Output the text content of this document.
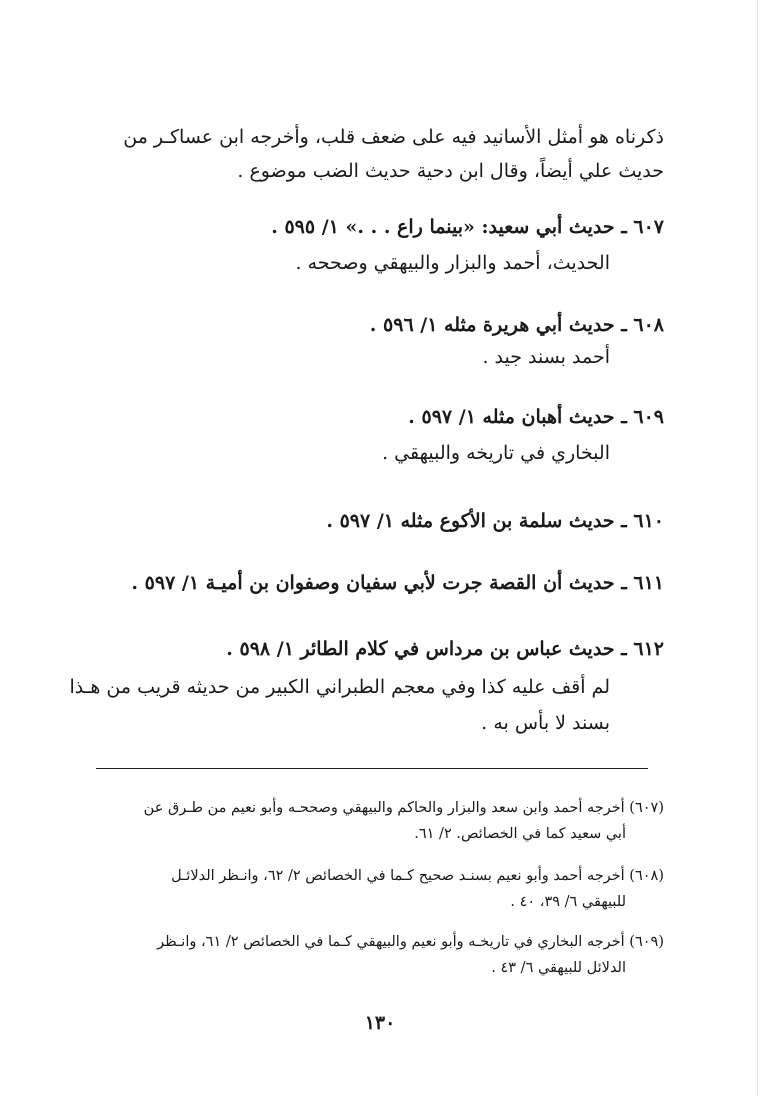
ذكرناه هو أمثل الأسانيد فيه على ضعف قلب، وأخرجه ابن عساكـر من
حديث علي أيضاً، وقال ابن دحية حديث الضب موضوع .
٦٠٧ ـ حديث أبي سعيد: «بينما راع . . .» ١/ ٥٩٥ .
الحديث، أحمد والبزار والبيهقي وصححه .
٦٠٨ ـ حديث أبي هريرة مثله ١/ ٥٩٦ .
أحمد بسند جيد .
٦٠٩ ـ حديث أهبان مثله ١/ ٥٩٧ .
البخاري في تاريخه والبيهقي .
٦١٠ ـ حديث سلمة بن الأكوع مثله ١/ ٥٩٧ .
٦١١ ـ حديث أن القصة جرت لأبي سفيان وصفوان بن أميـة ١/ ٥٩٧ .
٦١٢ ـ حديث عباس بن مرداس في كلام الطائر ١/ ٥٩٨ .
لم أقف عليه كذا وفي معجم الطبراني الكبير من حديثه قريب من هـذا
بسند لا بأس به .
(٦٠٧) أخرجه أحمد وابن سعد والبزار والحاكم والبيهقي وصححـه وأبو نعيم من طـرق عن
أبي سعيد كما في الخصائص. ٢/ ٦١.
(٦٠٨) أخرجه أحمد وأبو نعيم بسنـد صحيح كـما في الخصائص ٢/ ٦٢، وانـظر الدلائـل
للبيهقي ٦/ ٣٩، ٤٠ .
(٦٠٩) أخرجه البخاري في تاريخـه وأبو نعيم والبيهقي كـما في الخصائص ٢/ ٦١، وانـظر
الدلائل للبيهقي ٦/ ٤٣ .
١٣٠
